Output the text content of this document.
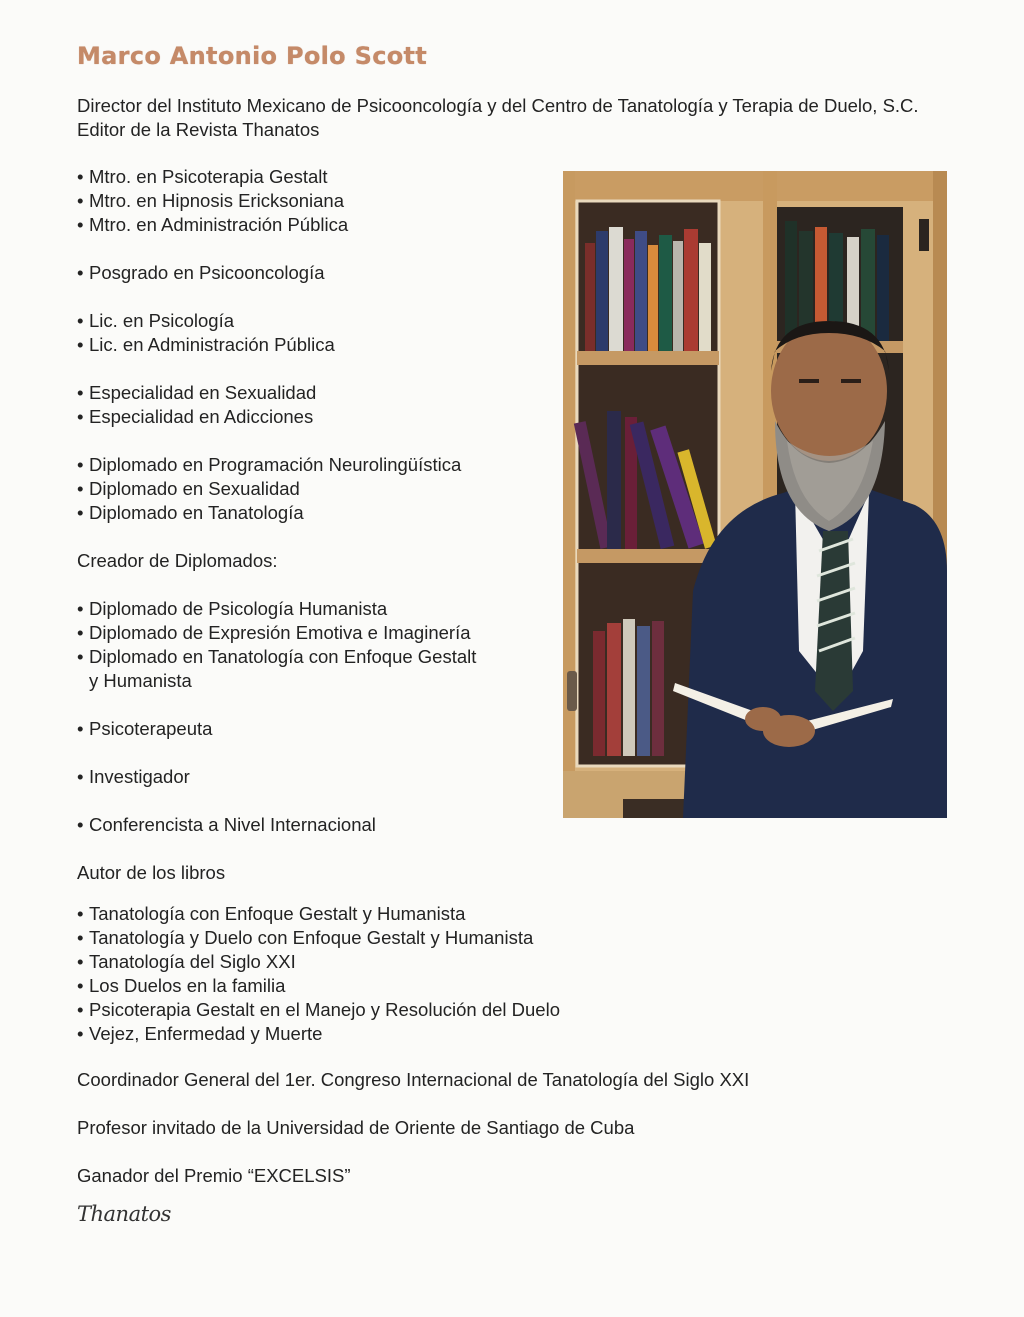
Marco Antonio Polo Scott
Director del Instituto Mexicano de Psicooncología y del Centro de Tanatología y Terapia de Duelo, S.C.
Editor de la Revista Thanatos
• Mtro. en Psicoterapia Gestalt
• Mtro. en Hipnosis Ericksoniana
• Mtro. en Administración Pública
• Posgrado en Psicooncología
• Lic. en Psicología
• Lic. en Administración Pública
• Especialidad en Sexualidad
• Especialidad en Adicciones
• Diplomado en Programación Neurolingüística
• Diplomado en Sexualidad
• Diplomado en Tanatología
Creador de Diplomados:
• Diplomado de Psicología Humanista
• Diplomado de Expresión Emotiva e Imaginería
• Diplomado en Tanatología con Enfoque Gestalt
y Humanista
• Psicoterapeuta
• Investigador
• Conferencista a Nivel Internacional
Autor de los libros
• Tanatología con Enfoque Gestalt y Humanista
• Tanatología y Duelo con Enfoque Gestalt y Humanista
• Tanatología del Siglo XXI
• Los Duelos en la familia
• Psicoterapia Gestalt en el Manejo y Resolución del Duelo
• Vejez, Enfermedad y Muerte
Coordinador General del 1er. Congreso Internacional de Tanatología del Siglo XXI
Profesor invitado de la Universidad de Oriente de Santiago de Cuba
Ganador del Premio “EXCELSIS”
Thanatos
